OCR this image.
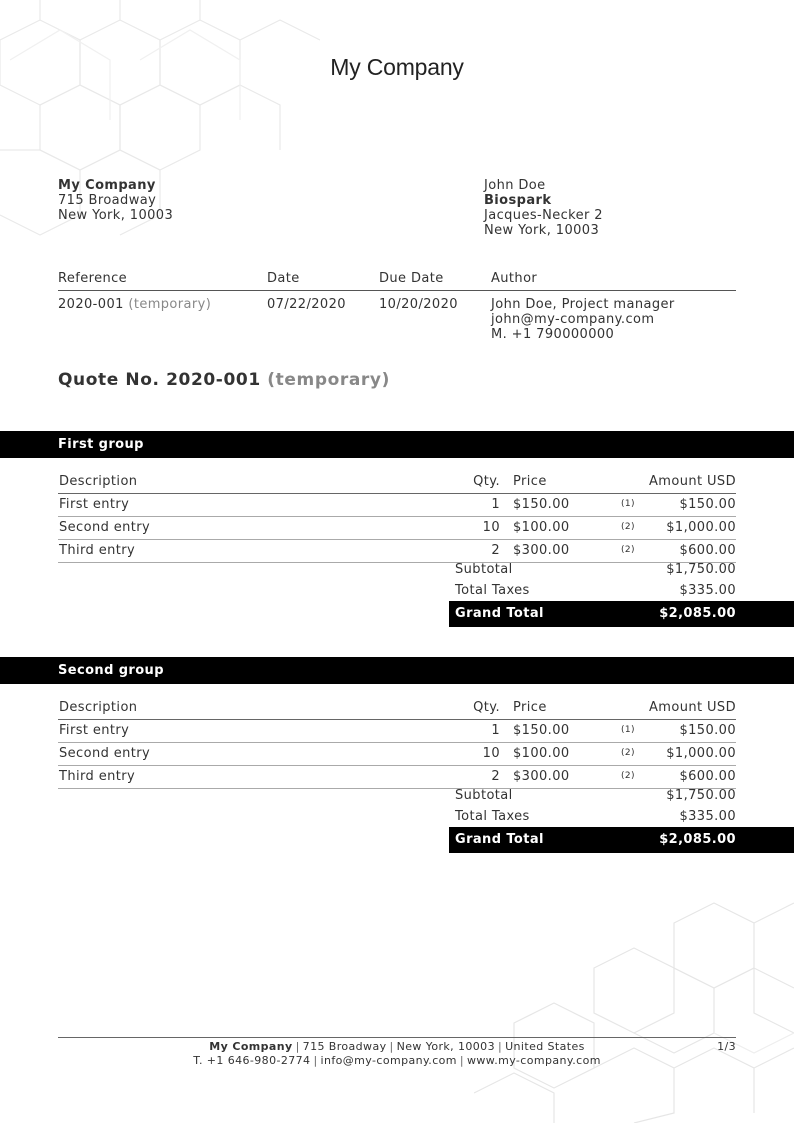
My Company
My Company
715 Broadway
New York, 10003
John Doe
Biospark
Jacques-Necker 2
New York, 10003
Reference	Date	Due Date	Author
2020-001 (temporary)	07/22/2020	10/20/2020	John Doe, Project manager
john@my-company.com
M. +1 790000000
Quote No. 2020-001 (temporary)
First group
Description	Qty. Price	Amount USD
First entry	1 $150.00	(1)	$150.00
Second entry	10 $100.00	(2) $1,000.00
Third entry	2 $300.00	(2)	$600.00
Subtotal	$1,750.00
Total Taxes	$335.00
Grand Total	$2,085.00
Second group
Description	Qty. Price	Amount USD
First entry	1 $150.00	(1)	$150.00
Second entry	10 $100.00	(2) $1,000.00
Third entry	2 $300.00	(2)	$600.00
Subtotal	$1,750.00
Total Taxes	$335.00
Grand Total	$2,085.00
My Company | 715 Broadway | New York, 10003 | United States
T. +1 646-980-2774 | info@my-company.com | www.my-company.com
1/3
